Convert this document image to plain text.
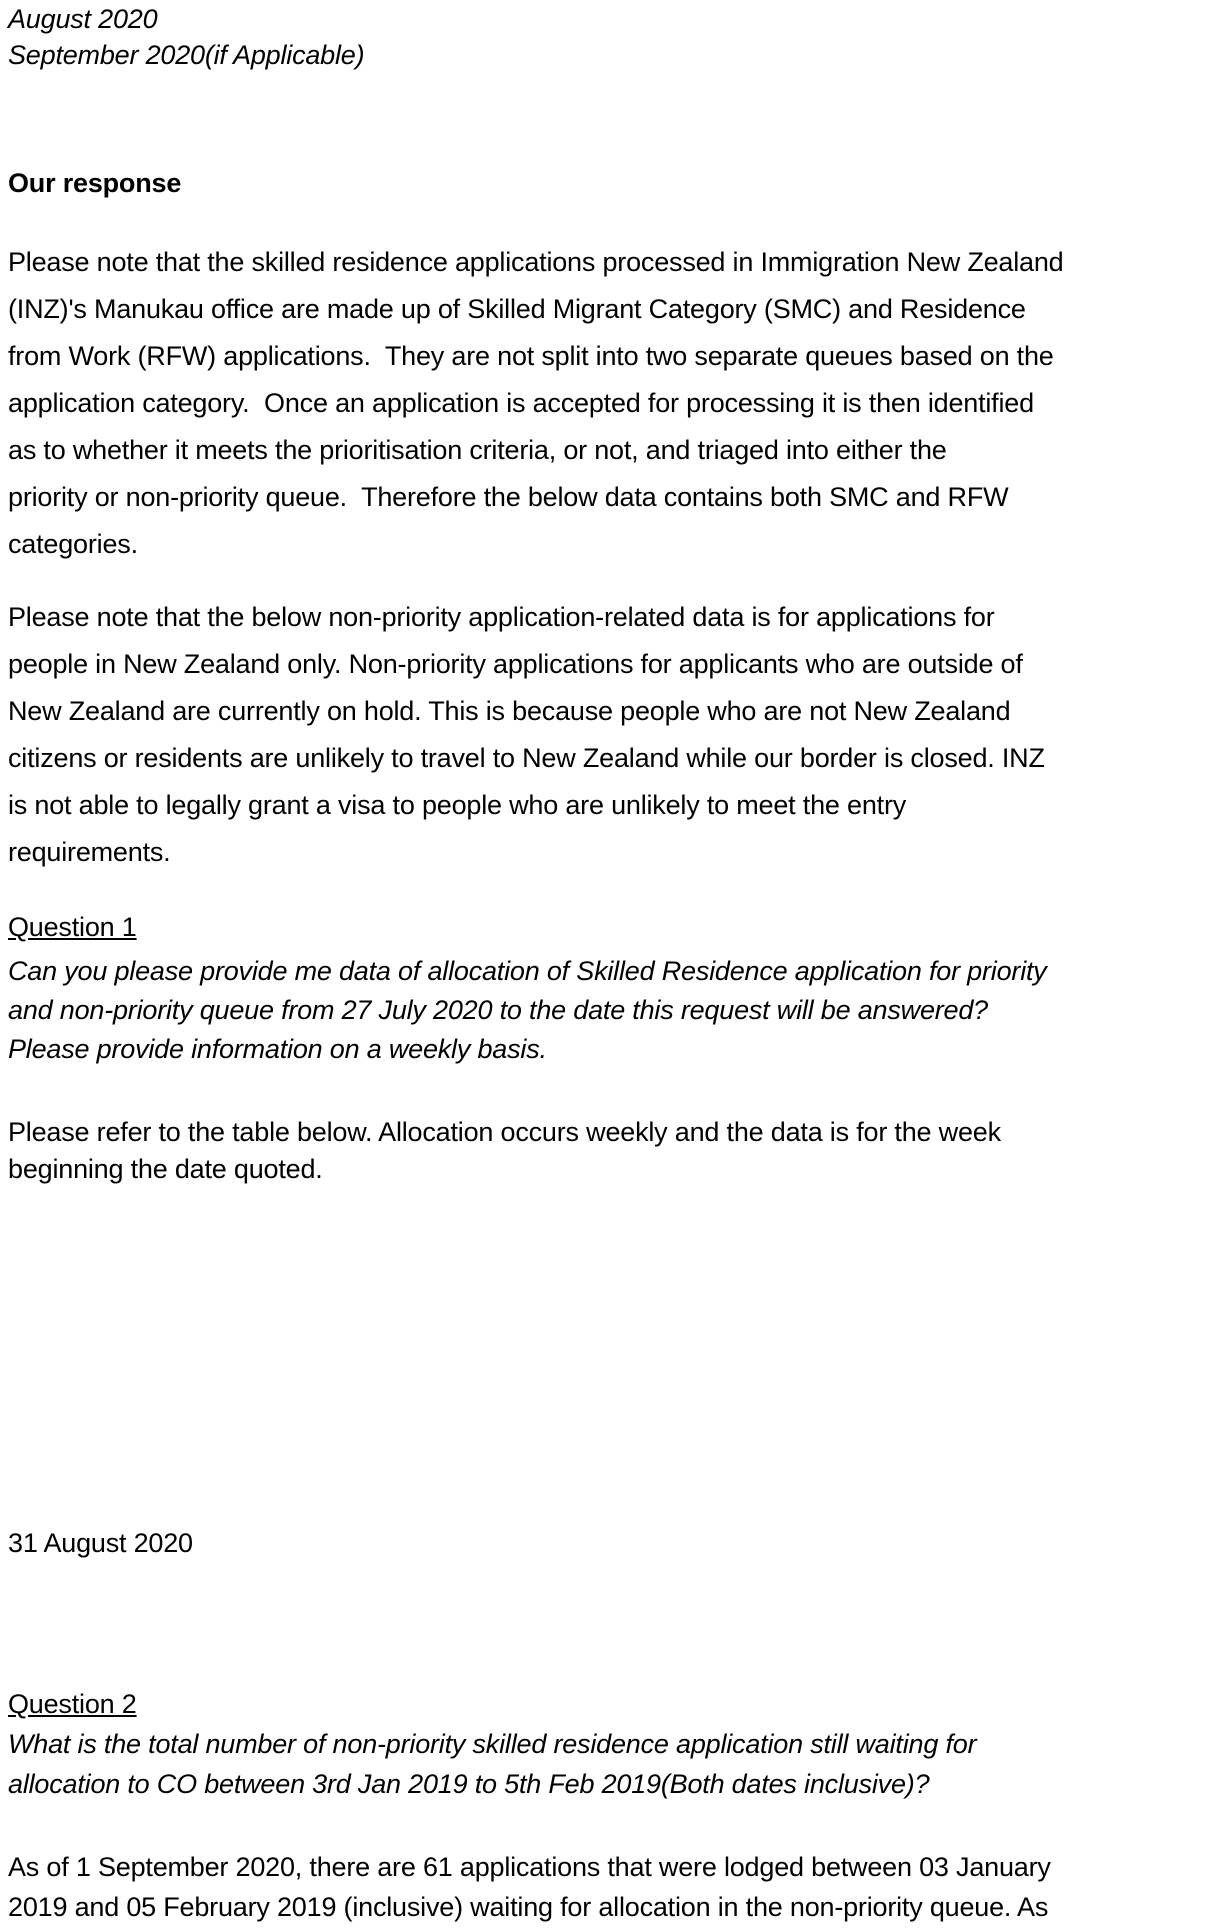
August 2020
September 2020(if Applicable)
Our response
Please note that the skilled residence applications processed in Immigration New Zealand
(INZ)'s Manukau office are made up of Skilled Migrant Category (SMC) and Residence
from Work (RFW) applications.  They are not split into two separate queues based on the
application category.  Once an application is accepted for processing it is then identified
as to whether it meets the prioritisation criteria, or not, and triaged into either the
priority or non-priority queue.  Therefore the below data contains both SMC and RFW
categories.
Please note that the below non-priority application-related data is for applications for
people in New Zealand only. Non-priority applications for applicants who are outside of
New Zealand are currently on hold. This is because people who are not New Zealand
citizens or residents are unlikely to travel to New Zealand while our border is closed. INZ
is not able to legally grant a visa to people who are unlikely to meet the entry
requirements.
Question 1
Can you please provide me data of allocation of Skilled Residence application for priority
and non-priority queue from 27 July 2020 to the date this request will be answered?
Please provide information on a weekly basis.
Please refer to the table below. Allocation occurs weekly and the data is for the week
beginning the date quoted.
31 August 2020
Question 2
What is the total number of non-priority skilled residence application still waiting for
allocation to CO between 3rd Jan 2019 to 5th Feb 2019(Both dates inclusive)?
As of 1 September 2020, there are 61 applications that were lodged between 03 January
2019 and 05 February 2019 (inclusive) waiting for allocation in the non-priority queue. As
